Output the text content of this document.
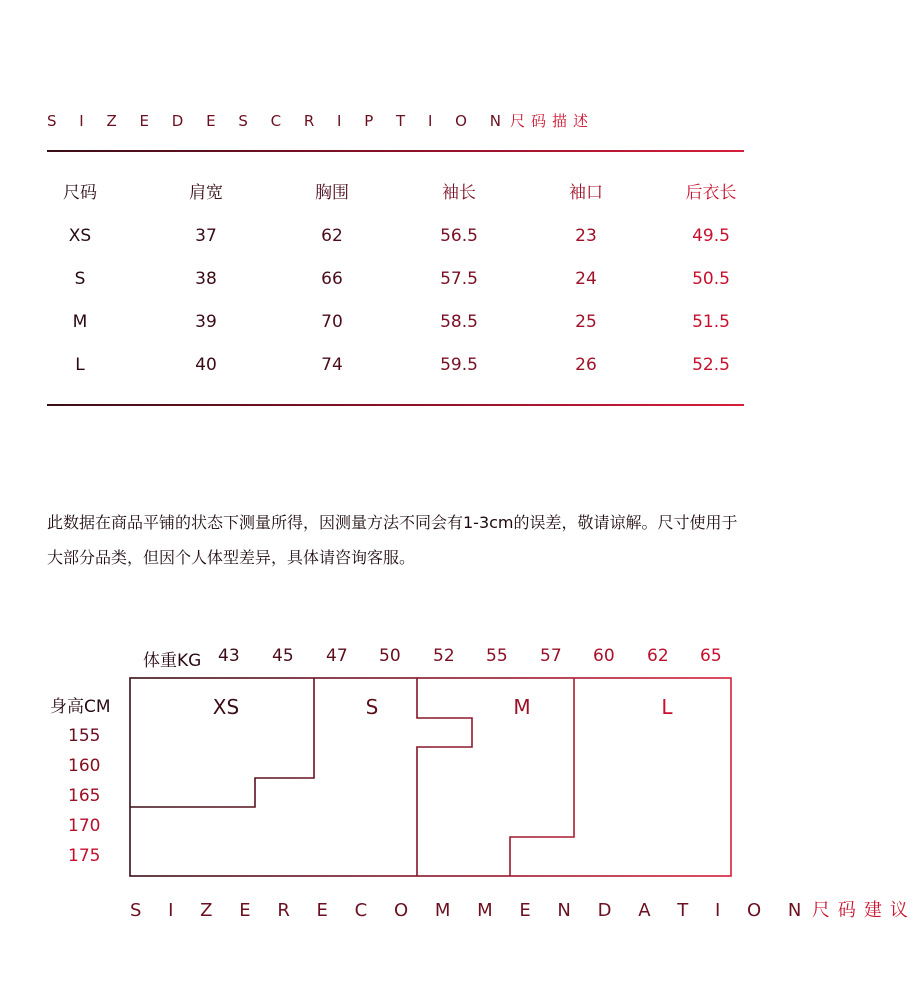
S I Z E D E S C R I P T I O N尺码描述
尺码	肩宽	胸围	袖长	袖口	后衣长
XS	37	62	56.5	23	49.5
S	38	66	57.5	24	50.5
M	39	70	58.5	25	51.5
L	40	74	59.5	26	52.5
此数据在商品平铺的状态下测量所得，因测量方法不同会有1-3cm的误差，敬请谅解。尺寸使用于大部分品类，但因个人体型差异，具体请咨询客服。
体重KG 43 45 47 50 52 55 57 60 62 65
身高CM
155
160
165
170
175
XS	S	M	L
S I Z E R E C O M M E N D A T I O N尺码建议
